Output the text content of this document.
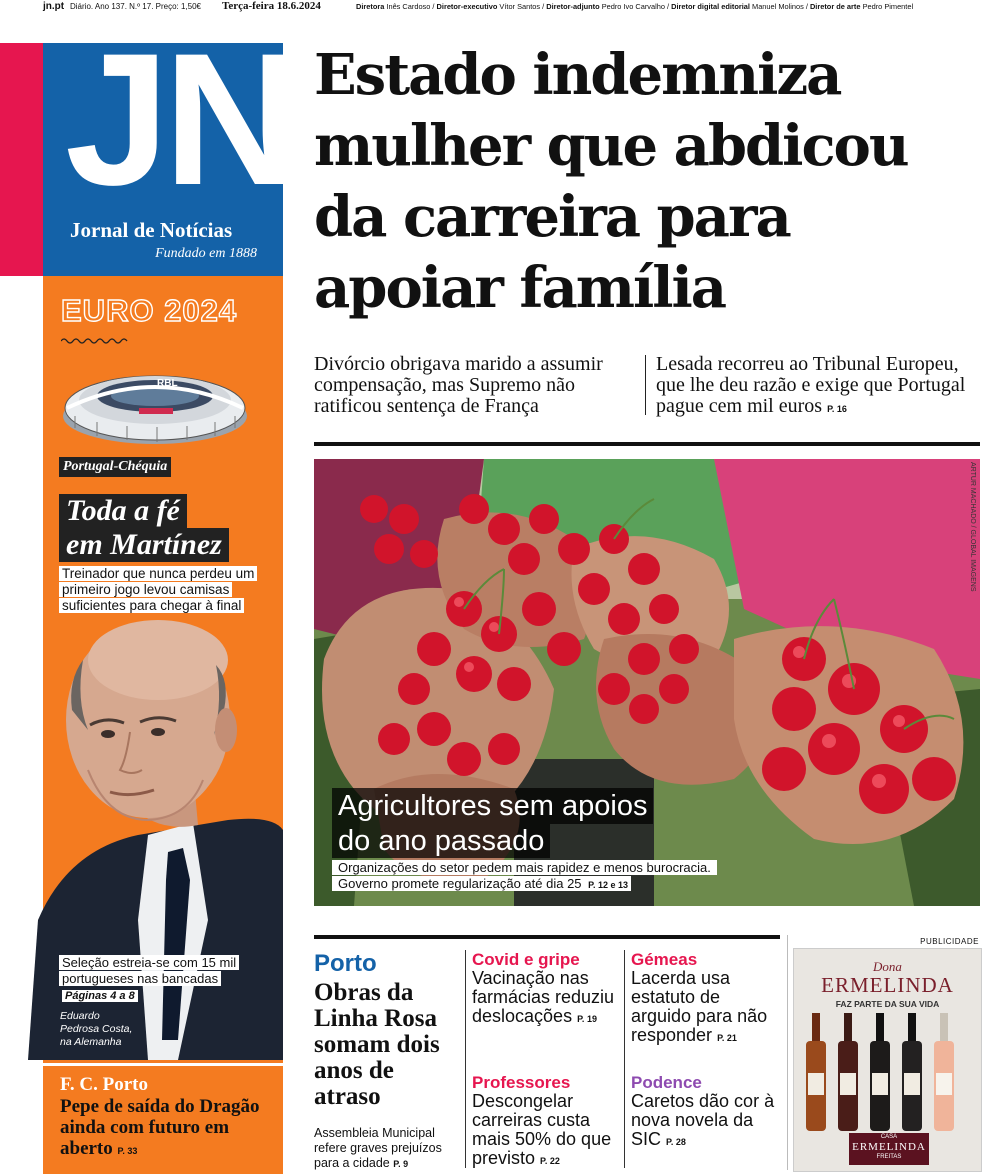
jn.pt Diário. Ano 137. N.º 17. Preço: 1,50€ Terça-feira 18.6.2024	Diretora Inês Cardoso / Diretor-executivo Vítor Santos / Diretor-adjunto Pedro Ivo Carvalho / Diretor digital editorial Manuel Molinos / Diretor de arte Pedro Pimentel
JN
Jornal de Notícias
Fundado em 1888
EURO 2024
RBL
Portugal-Chéquia
Toda a fé
em Martínez
Treinador que nunca perdeu um primeiro jogo levou camisas suficientes para chegar à final
Seleção estreia-se com 15 mil portugueses nas bancadas
Páginas 4 a 8
Eduardo
Pedrosa Costa,
na Alemanha
F. C. Porto
Pepe de saída do Dragão ainda com futuro em aberto P. 33
Estado indemniza mulher que abdicou da carreira para apoiar família
Divórcio obrigava marido a assumir compensação, mas Supremo não ratificou sentença de França
Lesada recorreu ao Tribunal Europeu, que lhe deu razão e exige que Portugal pague cem mil euros P. 16
ARTUR MACHADO / GLOBAL IMAGENS
Agricultores sem apoios
do ano passado
Organizações do setor pedem mais rapidez e menos burocracia. Governo promete regularização até dia 25 P. 12 e 13
Porto
Obras da Linha Rosa somam dois anos de atraso
Assembleia Municipal refere graves prejuízos para a cidade P. 9
Covid e gripe
Vacinação nas farmácias reduziu deslocações P. 19
Professores
Descongelar carreiras custa mais 50% do que previsto P. 22
Gémeas
Lacerda usa estatuto de arguido para não responder P. 21
Podence
Caretos dão cor à nova novela da SIC P. 28
PUBLICIDADE
Dona
ERMELINDA
FAZ PARTE DA SUA VIDA
CASA
ERMELINDA
FREITAS
